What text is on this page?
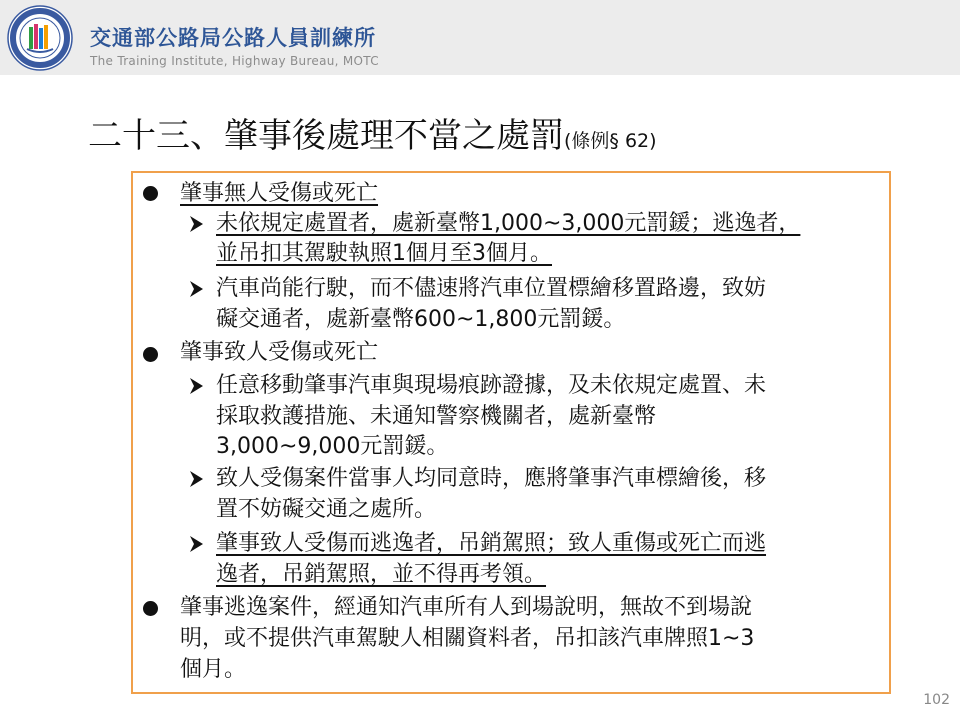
交通部公路局公路人員訓練所
The Training Institute, Highway Bureau, MOTC
二十三、肇事後處理不當之處罰(條例§ 62)
肇事無人受傷或死亡
未依規定處置者，處新臺幣1,000~3,000元罰鍰；逃逸者，
並吊扣其駕駛執照1個月至3個月。
汽車尚能行駛，而不儘速將汽車位置標繪移置路邊，致妨
礙交通者，處新臺幣600~1,800元罰鍰。
肇事致人受傷或死亡
任意移動肇事汽車與現場痕跡證據，及未依規定處置、未
採取救護措施、未通知警察機關者，處新臺幣
3,000~9,000元罰鍰。
致人受傷案件當事人均同意時，應將肇事汽車標繪後，移
置不妨礙交通之處所。
肇事致人受傷而逃逸者，吊銷駕照；致人重傷或死亡而逃
逸者，吊銷駕照，並不得再考領。
肇事逃逸案件，經通知汽車所有人到場說明，無故不到場說
明，或不提供汽車駕駛人相關資料者，吊扣該汽車牌照1~3
個月。
102
